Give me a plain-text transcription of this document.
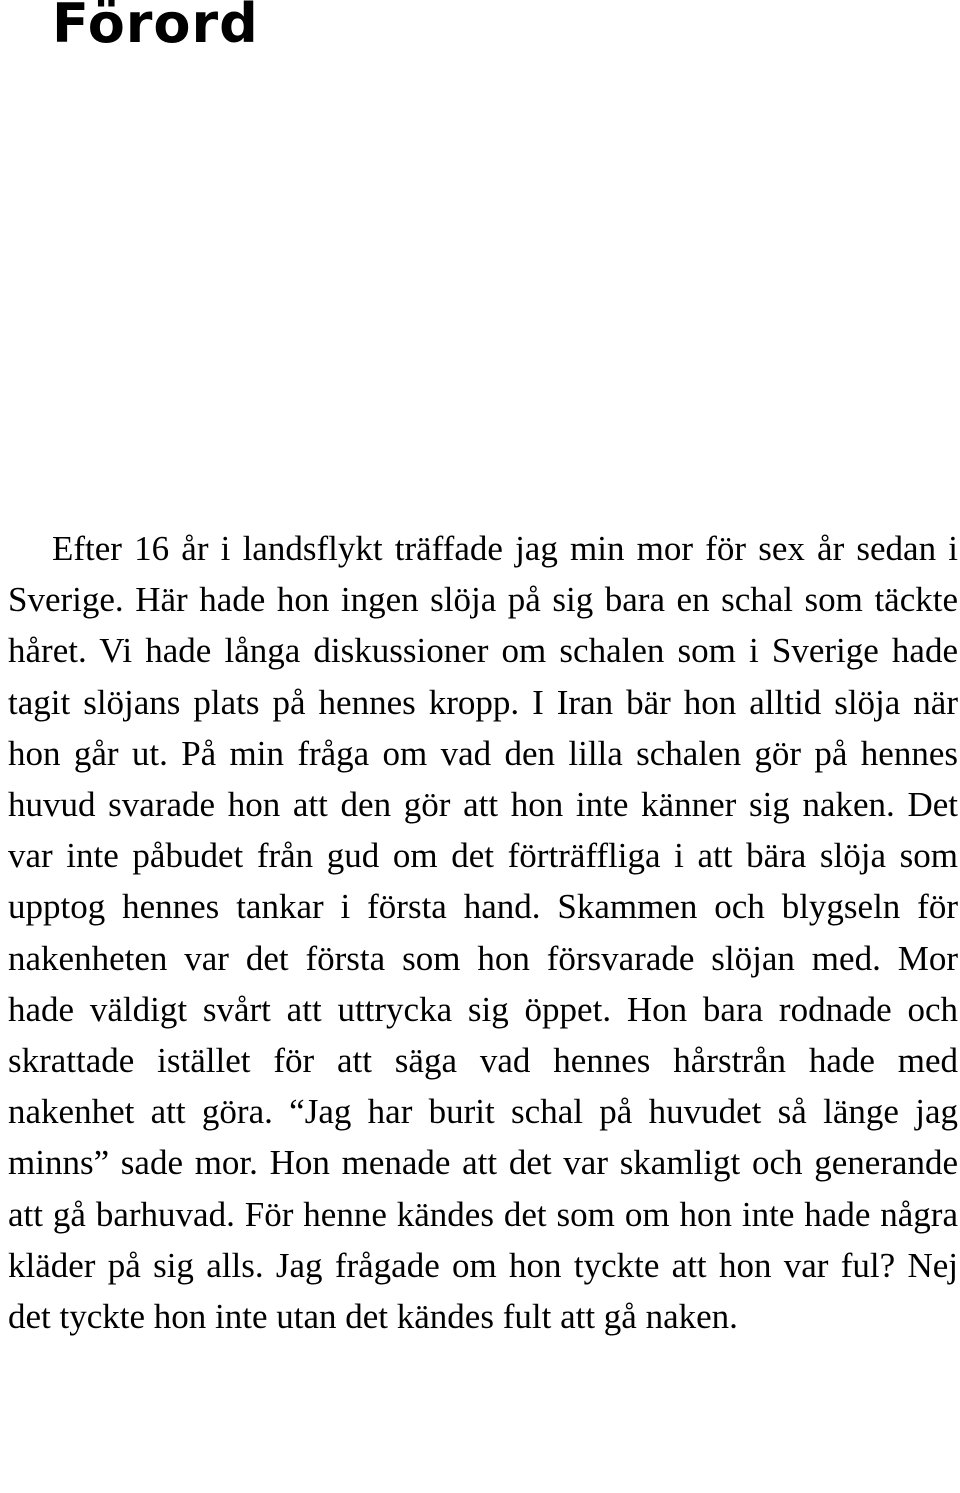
Förord

Efter 16 år i landsflykt träffade jag min mor för sex år sedan i Sverige. Här hade hon ingen slöja på sig bara en schal som täckte håret. Vi hade långa diskussioner om schalen som i Sverige hade tagit slöjans plats på hennes kropp. I Iran bär hon alltid slöja när hon går ut. På min fråga om vad den lilla schalen gör på hennes huvud svarade hon att den gör att hon inte känner sig naken. Det var inte påbudet från gud om det förträffliga i att bära slöja som upptog hennes tankar i första hand. Skammen och blygseln för nakenheten var det första som hon försvarade slöjan med. Mor hade väldigt svårt att uttrycka sig öppet. Hon bara rodnade och skrattade istället för att säga vad hennes hårstrån hade med nakenhet att göra. “Jag har burit schal på huvudet så länge jag minns” sade mor. Hon menade att det var skamligt och generande att gå barhuvad. För henne kändes det som om hon inte hade några kläder på sig alls. Jag frågade om hon tyckte att hon var ful? Nej det tyckte hon inte utan det kändes fult att gå naken.
